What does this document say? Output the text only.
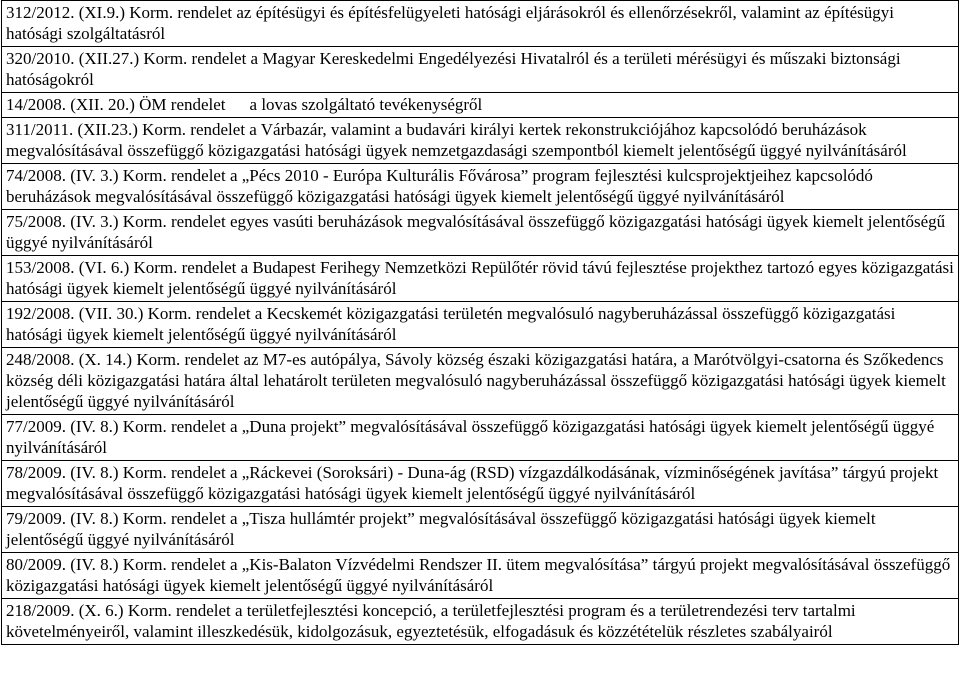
312/2012. (XI.9.) Korm. rendelet az építésügyi és építésfelügyeleti hatósági eljárásokról és ellenőrzésekről, valamint az építésügyi hatósági szolgáltatásról
320/2010. (XII.27.) Korm. rendelet a Magyar Kereskedelmi Engedélyezési Hivatalról és a területi mérésügyi és műszaki biztonsági hatóságokról
14/2008. (XII. 20.) ÖM rendelet a lovas szolgáltató tevékenységről
311/2011. (XII.23.) Korm. rendelet a Várbazár, valamint a budavári királyi kertek rekonstrukciójához kapcsolódó beruházások megvalósításával összefüggő közigazgatási hatósági ügyek nemzetgazdasági szempontból kiemelt jelentőségű üggyé nyilvánításáról
74/2008. (IV. 3.) Korm. rendelet a „Pécs 2010 - Európa Kulturális Fővárosa” program fejlesztési kulcsprojektjeihez kapcsolódó beruházások megvalósításával összefüggő közigazgatási hatósági ügyek kiemelt jelentőségű üggyé nyilvánításáról
75/2008. (IV. 3.) Korm. rendelet egyes vasúti beruházások megvalósításával összefüggő közigazgatási hatósági ügyek kiemelt jelentőségű üggyé nyilvánításáról
153/2008. (VI. 6.) Korm. rendelet a Budapest Ferihegy Nemzetközi Repülőtér rövid távú fejlesztése projekthez tartozó egyes közigazgatási hatósági ügyek kiemelt jelentőségű üggyé nyilvánításáról
192/2008. (VII. 30.) Korm. rendelet a Kecskemét közigazgatási területén megvalósuló nagyberuházással összefüggő közigazgatási hatósági ügyek kiemelt jelentőségű üggyé nyilvánításáról
248/2008. (X. 14.) Korm. rendelet az M7-es autópálya, Sávoly község északi közigazgatási határa, a Marótvölgyi-csatorna és Szőkedencs község déli közigazgatási határa által lehatárolt területen megvalósuló nagyberuházással összefüggő közigazgatási hatósági ügyek kiemelt jelentőségű üggyé nyilvánításáról
77/2009. (IV. 8.) Korm. rendelet a „Duna projekt” megvalósításával összefüggő közigazgatási hatósági ügyek kiemelt jelentőségű üggyé nyilvánításáról
78/2009. (IV. 8.) Korm. rendelet a „Ráckevei (Soroksári) - Duna-ág (RSD) vízgazdálkodásának, vízminőségének javítása” tárgyú projekt megvalósításával összefüggő közigazgatási hatósági ügyek kiemelt jelentőségű üggyé nyilvánításáról
79/2009. (IV. 8.) Korm. rendelet a „Tisza hullámtér projekt” megvalósításával összefüggő közigazgatási hatósági ügyek kiemelt jelentőségű üggyé nyilvánításáról
80/2009. (IV. 8.) Korm. rendelet a „Kis-Balaton Vízvédelmi Rendszer II. ütem megvalósítása” tárgyú projekt megvalósításával összefüggő közigazgatási hatósági ügyek kiemelt jelentőségű üggyé nyilvánításáról
218/2009. (X. 6.) Korm. rendelet a területfejlesztési koncepció, a területfejlesztési program és a területrendezési terv tartalmi követelményeiről, valamint illeszkedésük, kidolgozásuk, egyeztetésük, elfogadásuk és közzétételük részletes szabályairól
